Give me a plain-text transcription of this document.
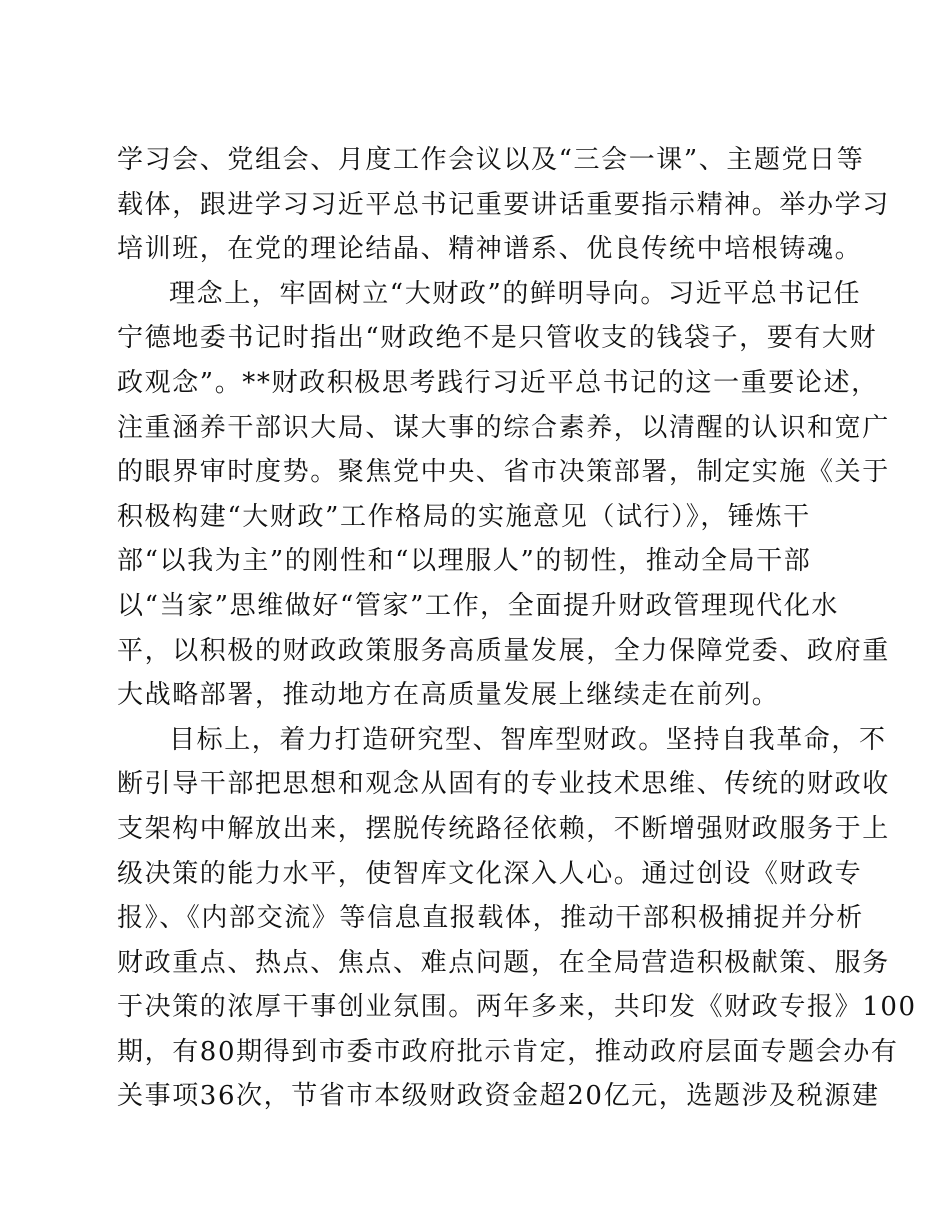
学习会、党组会、月度工作会议以及“三会一课”、主题党日等
载体，跟进学习习近平总书记重要讲话重要指示精神。举办学习
培训班，在党的理论结晶、精神谱系、优良传统中培根铸魂。
理念上，牢固树立“大财政”的鲜明导向。习近平总书记任
宁德地委书记时指出“财政绝不是只管收支的钱袋子，要有大财
政观念”。**财政积极思考践行习近平总书记的这一重要论述，
注重涵养干部识大局、谋大事的综合素养，以清醒的认识和宽广
的眼界审时度势。聚焦党中央、省市决策部署，制定实施《关于
积极构建“大财政”工作格局的实施意见（试行）》，锤炼干
部“以我为主”的刚性和“以理服人”的韧性，推动全局干部
以“当家”思维做好“管家”工作，全面提升财政管理现代化水
平，以积极的财政政策服务高质量发展，全力保障党委、政府重
大战略部署，推动地方在高质量发展上继续走在前列。
目标上，着力打造研究型、智库型财政。坚持自我革命，不
断引导干部把思想和观念从固有的专业技术思维、传统的财政收
支架构中解放出来，摆脱传统路径依赖，不断增强财政服务于上
级决策的能力水平，使智库文化深入人心。通过创设《财政专
报》、《内部交流》等信息直报载体，推动干部积极捕捉并分析
财政重点、热点、焦点、难点问题，在全局营造积极献策、服务
于决策的浓厚干事创业氛围。两年多来，共印发《财政专报》100
期，有80期得到市委市政府批示肯定，推动政府层面专题会办有
关事项36次，节省市本级财政资金超20亿元，选题涉及税源建
